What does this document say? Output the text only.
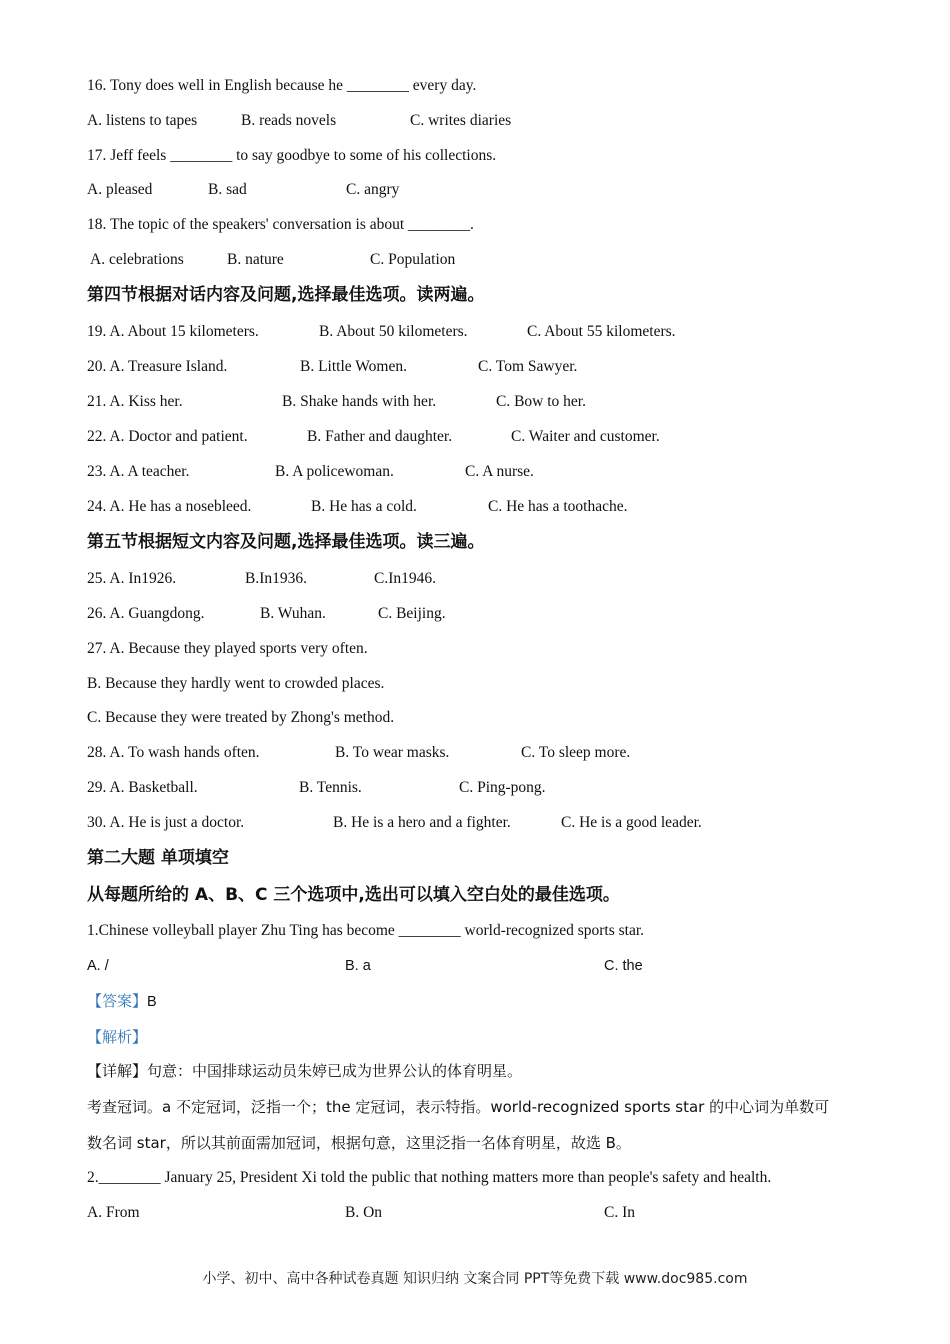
16. Tony does well in English because he ________ every day.
A. listens to tapes	B. reads novels	C. writes diaries
17. Jeff feels ________ to say goodbye to some of his collections.
A. pleased	B. sad	C. angry
18. The topic of the speakers' conversation is about ________.
A. celebrations	B. nature	C. Population
第四节根据对话内容及问题,选择最佳选项。读两遍。
19. A. About 15 kilometers.	B. About 50 kilometers.	C. About 55 kilometers.
20. A. Treasure Island.	B. Little Women.	C. Tom Sawyer.
21. A. Kiss her.	B. Shake hands with her.	C. Bow to her.
22. A. Doctor and patient.	B. Father and daughter.	C. Waiter and customer.
23. A. A teacher.	B. A policewoman.	C. A nurse.
24. A. He has a nosebleed.	B. He has a cold.	C. He has a toothache.
第五节根据短文内容及问题,选择最佳选项。读三遍。
25. A. In1926.	B.In1936.	C.In1946.
26. A. Guangdong.	B. Wuhan.	C. Beijing.
27. A. Because they played sports very often.
B. Because they hardly went to crowded places.
C. Because they were treated by Zhong's method.
28. A. To wash hands often.	B. To wear masks.	C. To sleep more.
29. A. Basketball.	B. Tennis.	C. Ping-pong.
30. A. He is just a doctor.	B. He is a hero and a fighter.	C. He is a good leader.
第二大题 单项填空
从每题所给的 A、B、C 三个选项中,选出可以填入空白处的最佳选项。
1.Chinese volleyball player Zhu Ting has become ________ world-recognized sports star.
A. /	B. a	C. the
【答案】B
【解析】
【详解】句意：中国排球运动员朱婷已成为世界公认的体育明星。
考查冠词。a 不定冠词，泛指一个；the 定冠词，表示特指。world-recognized sports star 的中心词为单数可
数名词 star，所以其前面需加冠词，根据句意，这里泛指一名体育明星，故选 B。
2.________ January 25, President Xi told the public that nothing matters more than people's safety and health.
A. From	B. On	C. In
小学、初中、高中各种试卷真题 知识归纳 文案合同 PPT等免费下载 www.doc985.com
